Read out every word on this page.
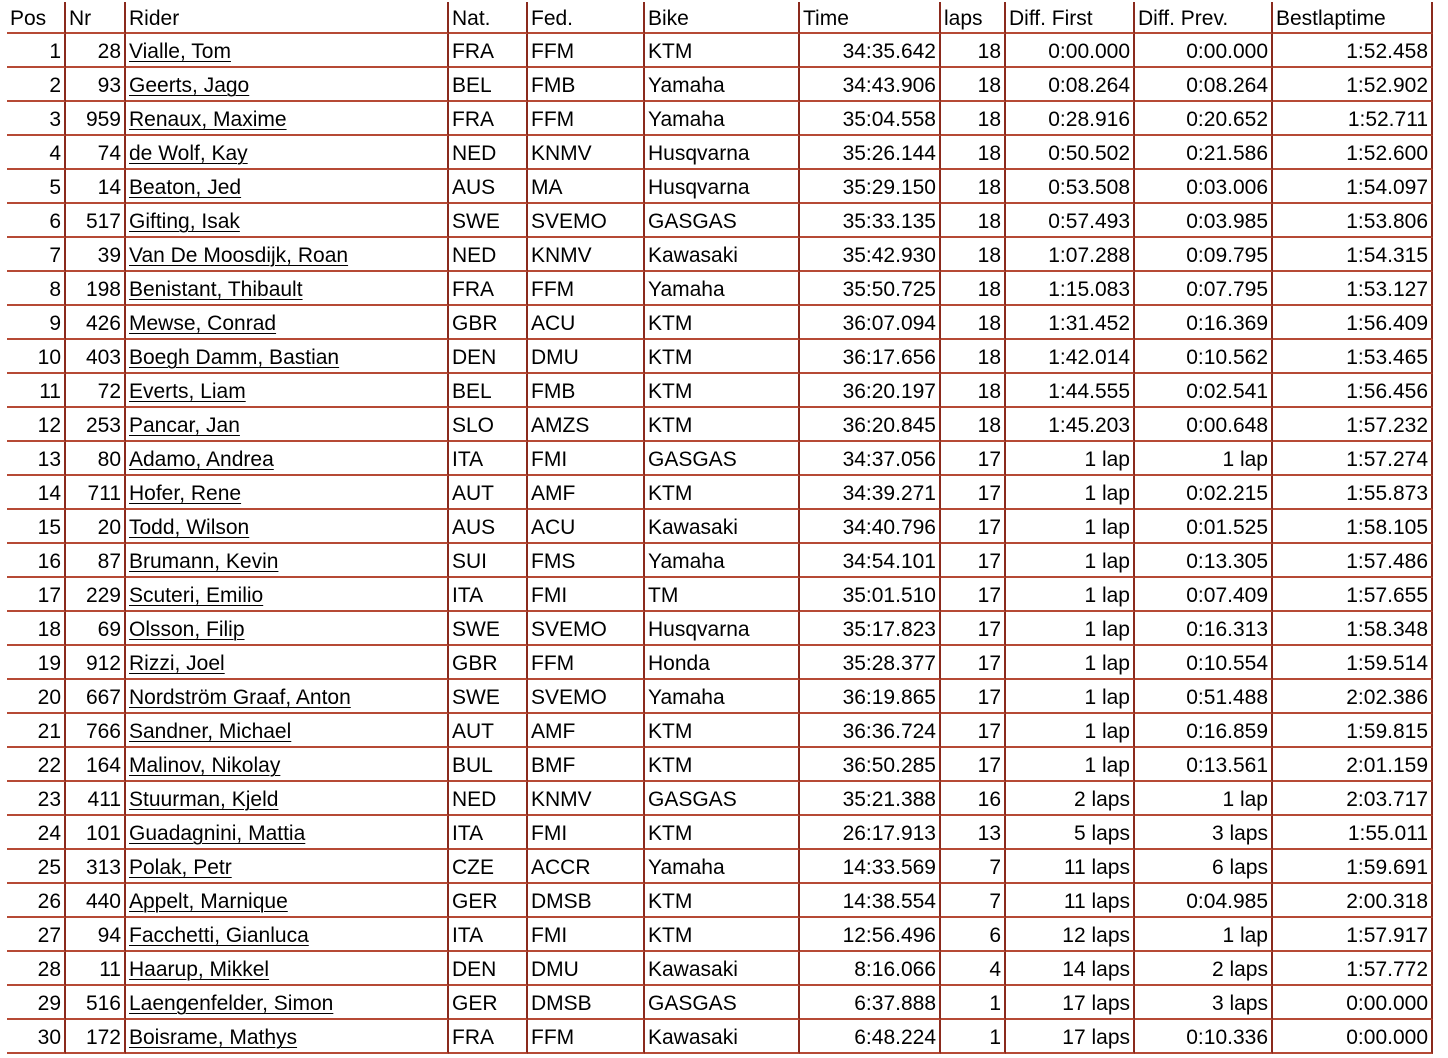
Pos	Nr	Rider	Nat.	Fed.	Bike	Time	laps	Diff. First	Diff. Prev.	Bestlaptime
1	28	Vialle, Tom	FRA	FFM	KTM	34:35.642	18	0:00.000	0:00.000	1:52.458
2	93	Geerts, Jago	BEL	FMB	Yamaha	34:43.906	18	0:08.264	0:08.264	1:52.902
3	959	Renaux, Maxime	FRA	FFM	Yamaha	35:04.558	18	0:28.916	0:20.652	1:52.711
4	74	de Wolf, Kay	NED	KNMV	Husqvarna	35:26.144	18	0:50.502	0:21.586	1:52.600
5	14	Beaton, Jed	AUS	MA	Husqvarna	35:29.150	18	0:53.508	0:03.006	1:54.097
6	517	Gifting, Isak	SWE	SVEMO	GASGAS	35:33.135	18	0:57.493	0:03.985	1:53.806
7	39	Van De Moosdijk, Roan	NED	KNMV	Kawasaki	35:42.930	18	1:07.288	0:09.795	1:54.315
8	198	Benistant, Thibault	FRA	FFM	Yamaha	35:50.725	18	1:15.083	0:07.795	1:53.127
9	426	Mewse, Conrad	GBR	ACU	KTM	36:07.094	18	1:31.452	0:16.369	1:56.409
10	403	Boegh Damm, Bastian	DEN	DMU	KTM	36:17.656	18	1:42.014	0:10.562	1:53.465
11	72	Everts, Liam	BEL	FMB	KTM	36:20.197	18	1:44.555	0:02.541	1:56.456
12	253	Pancar, Jan	SLO	AMZS	KTM	36:20.845	18	1:45.203	0:00.648	1:57.232
13	80	Adamo, Andrea	ITA	FMI	GASGAS	34:37.056	17	1 lap	1 lap	1:57.274
14	711	Hofer, Rene	AUT	AMF	KTM	34:39.271	17	1 lap	0:02.215	1:55.873
15	20	Todd, Wilson	AUS	ACU	Kawasaki	34:40.796	17	1 lap	0:01.525	1:58.105
16	87	Brumann, Kevin	SUI	FMS	Yamaha	34:54.101	17	1 lap	0:13.305	1:57.486
17	229	Scuteri, Emilio	ITA	FMI	TM	35:01.510	17	1 lap	0:07.409	1:57.655
18	69	Olsson, Filip	SWE	SVEMO	Husqvarna	35:17.823	17	1 lap	0:16.313	1:58.348
19	912	Rizzi, Joel	GBR	FFM	Honda	35:28.377	17	1 lap	0:10.554	1:59.514
20	667	Nordström Graaf, Anton	SWE	SVEMO	Yamaha	36:19.865	17	1 lap	0:51.488	2:02.386
21	766	Sandner, Michael	AUT	AMF	KTM	36:36.724	17	1 lap	0:16.859	1:59.815
22	164	Malinov, Nikolay	BUL	BMF	KTM	36:50.285	17	1 lap	0:13.561	2:01.159
23	411	Stuurman, Kjeld	NED	KNMV	GASGAS	35:21.388	16	2 laps	1 lap	2:03.717
24	101	Guadagnini, Mattia	ITA	FMI	KTM	26:17.913	13	5 laps	3 laps	1:55.011
25	313	Polak, Petr	CZE	ACCR	Yamaha	14:33.569	7	11 laps	6 laps	1:59.691
26	440	Appelt, Marnique	GER	DMSB	KTM	14:38.554	7	11 laps	0:04.985	2:00.318
27	94	Facchetti, Gianluca	ITA	FMI	KTM	12:56.496	6	12 laps	1 lap	1:57.917
28	11	Haarup, Mikkel	DEN	DMU	Kawasaki	8:16.066	4	14 laps	2 laps	1:57.772
29	516	Laengenfelder, Simon	GER	DMSB	GASGAS	6:37.888	1	17 laps	3 laps	0:00.000
30	172	Boisrame, Mathys	FRA	FFM	Kawasaki	6:48.224	1	17 laps	0:10.336	0:00.000
